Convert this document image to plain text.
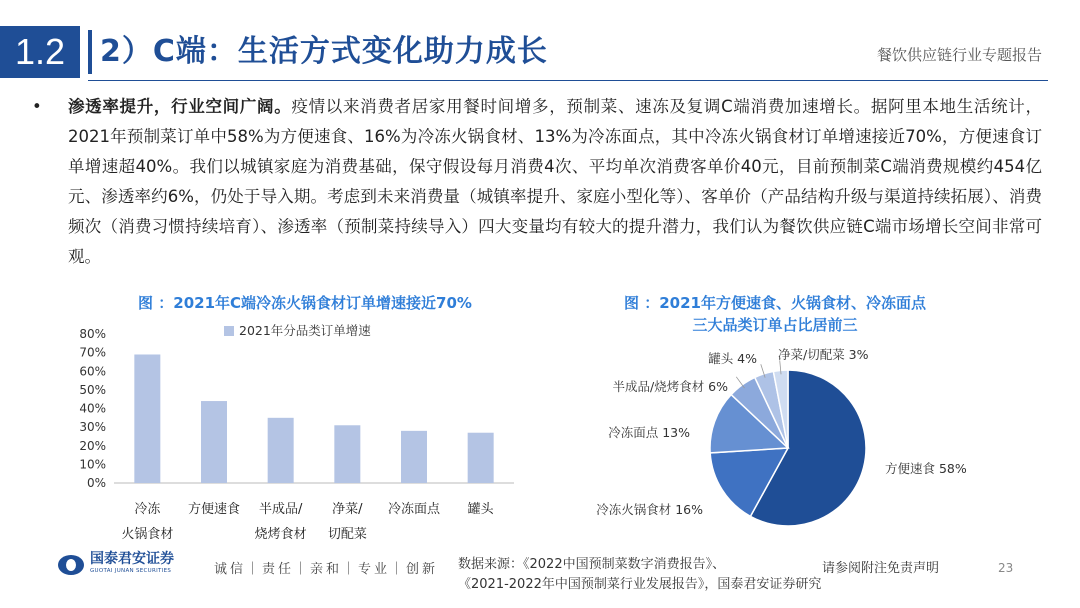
1.2	2）C端：生活方式变化助力成长	餐饮供应链行业专题报告
• 渗透率提升，行业空间广阔。疫情以来消费者居家用餐时间增多，预制菜、速冻及复调C端消费加速增长。据阿里本地生活统计，2021年预制菜订单中58%为方便速食、16%为冷冻火锅食材、13%为冷冻面点，其中冷冻火锅食材订单增速接近70%，方便速食订单增速超40%。我们以城镇家庭为消费基础，保守假设每月消费4次、平均单次消费客单价40元，目前预制菜C端消费规模约454亿元、渗透率约6%，仍处于导入期。考虑到未来消费量（城镇率提升、家庭小型化等）、客单价（产品结构升级与渠道持续拓展）、消费频次（消费习惯持续培育）、渗透率（预制菜持续导入）四大变量均有较大的提升潜力，我们认为餐饮供应链C端市场增长空间非常可观。
图 ：2021年C端冷冻火锅食材订单增速接近70%	图 ：2021年方便速食、火锅食材、冷冻面点
三大品类订单占比居前三
0%
10%
20%
30%
40%
50%
60%
70%
80%
冷冻
火锅食材
方便速食 半成品/
烧烤食材
净菜/
切配菜
冷冻面点 罐头
2021年分品类订单增速
方便速食 58%
冷冻火锅食材 16%
冷冻面点 13%
半成品/烧烤食材 6%
罐头 4% 净菜/切配菜 3%
国泰君安证券
GUOTAI JUNAN SECURITIES	诚信｜责任｜亲和｜专业｜创新 数据来源：《2022中国预制菜数字消费报告》、
《2021-2022年中国预制菜行业发展报告》，国泰君安证券研究
请参阅附注免责声明	23
